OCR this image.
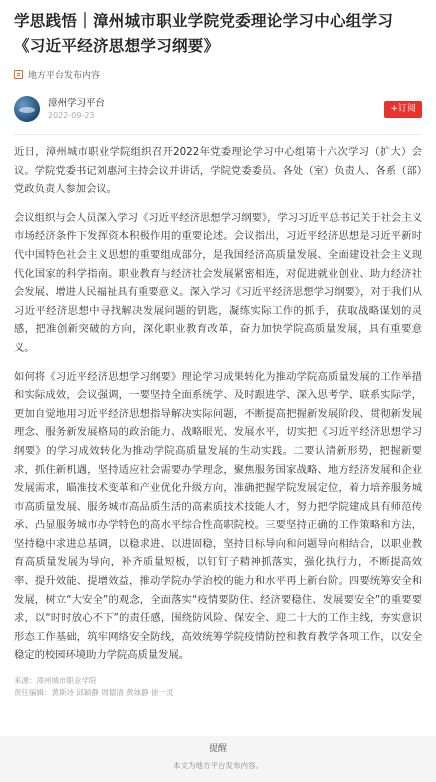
学思践悟｜漳州城市职业学院党委理论学习中心组学习《习近平经济思想学习纲要》
地方平台发布内容
漳州学习平台
2022-09-23
+订阅

近日，漳州城市职业学院组织召开2022年党委理论学习中心组第十六次学习（扩大）会议。学院党委书记刘惠河主持会议并讲话，学院党委委员、各处（室）负责人、各系（部）党政负责人参加会议。

会议组织与会人员深入学习《习近平经济思想学习纲要》，学习习近平总书记关于社会主义市场经济条件下发挥资本积极作用的重要论述。会议指出，习近平经济思想是习近平新时代中国特色社会主义思想的重要组成部分，是我国经济高质量发展、全面建设社会主义现代化国家的科学指南。职业教育与经济社会发展紧密相连，对促进就业创业、助力经济社会发展、增进人民福祉具有重要意义。深入学习《习近平经济思想学习纲要》，对于我们从习近平经济思想中寻找解决发展问题的钥匙，凝练实际工作的抓手，获取战略谋划的灵感，把准创新突破的方向，深化职业教育改革，奋力加快学院高质量发展，具有重要意义。

如何将《习近平经济思想学习纲要》理论学习成果转化为推动学院高质量发展的工作举措和实际成效，会议强调，一要坚持全面系统学、及时跟进学、深入思考学、联系实际学，更加自觉地用习近平经济思想指导解决实际问题，不断提高把握新发展阶段、贯彻新发展理念、服务新发展格局的政治能力、战略眼光、发展水平，切实把《习近平经济思想学习纲要》的学习成效转化为推动学院高质量发展的生动实践。二要认清新形势，把握新要求，抓住新机遇，坚持适应社会需要办学理念，聚焦服务国家战略、地方经济发展和企业发展需求，瞄准技术变革和产业优化升级方向，准确把握学院发展定位，着力培养服务城市高质量发展、服务城市高品质生活的高素质技术技能人才，努力把学院建成具有师范传承、凸显服务城市办学特色的高水平综合性高职院校。三要坚持正确的工作策略和方法，坚持稳中求进总基调，以稳求进、以进固稳，坚持目标导向和问题导向相结合，以职业教育高质量发展为导向，补齐质量短板，以钉钉子精神抓落实，强化执行力，不断提高效率、提升效能、提增效益，推动学院办学治校的能力和水平再上新台阶。四要统筹安全和发展，树立“大安全”的观念，全面落实“疫情要防住、经济要稳住、发展要安全”的重要要求，以“时时放心不下”的责任感，围绕防风险、保安全、迎二十大的工作主线，夯实意识形态工作基础，筑牢网络安全防线，高效统筹学院疫情防控和教育教学各项工作，以安全稳定的校园环境助力学院高质量发展。

来源：漳州城市职业学院
责任编辑：黄斯诗 邱颖静 周德清 黄妹静 徐一灵
提醒
本文为地方平台发布内容。
